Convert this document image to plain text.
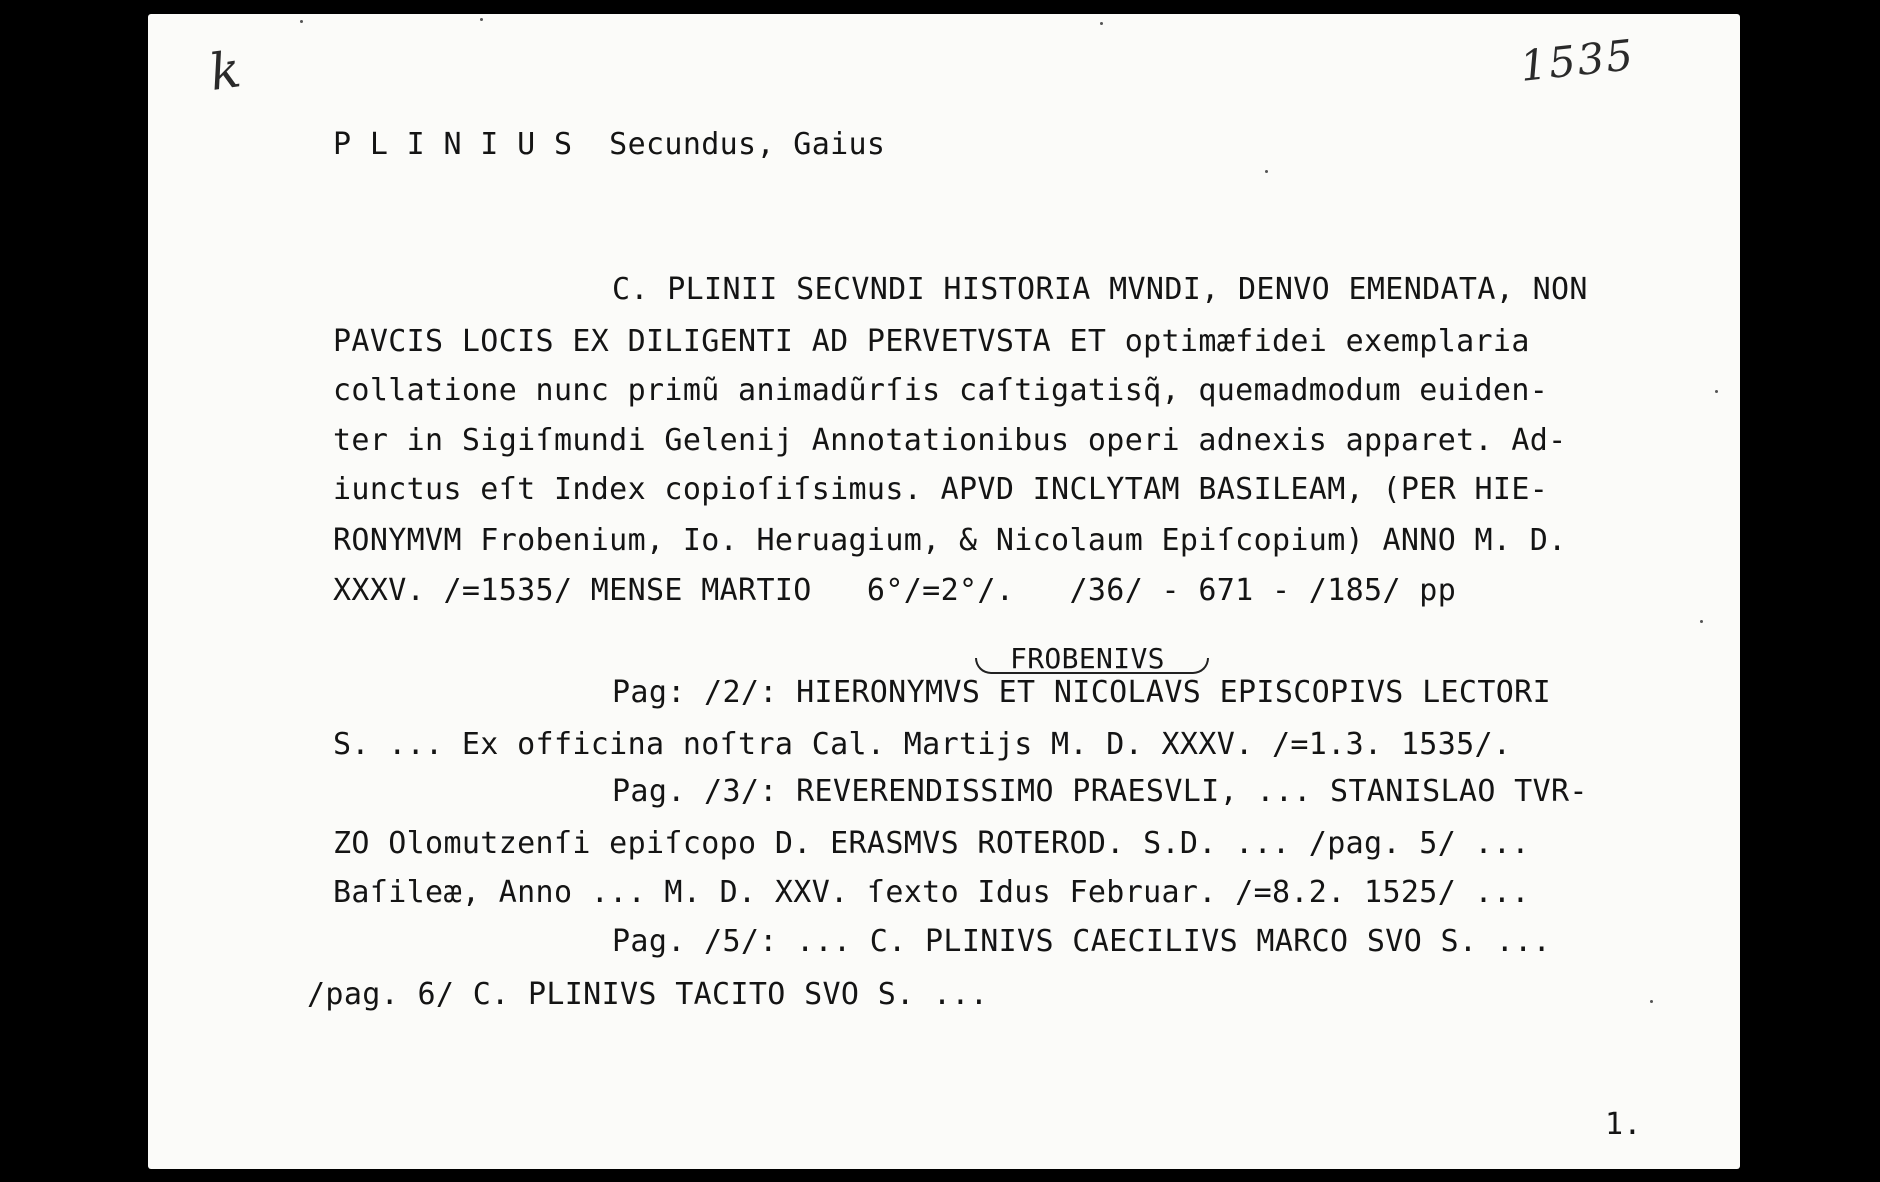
k	1535
P L I N I U S  Secundus, Gaius
C. PLINII SECVNDI HISTORIA MVNDI, DENVO EMENDATA, NON
PAVCIS LOCIS EX DILIGENTI AD PERVETVSTA ET optimæfidei exemplaria
collatione nunc primũ animadũrſis caſtigatisq̃, quemadmodum euiden-
ter in Sigiſmundi Gelenij Annotationibus operi adnexis apparet. Ad-
iunctus eſt Index copioſiſsimus. APVD INCLYTAM BASILEAM, (PER HIE-
RONYMVM Frobenium, Io. Heruagium, & Nicolaum Epiſcopium) ANNO M. D.
XXXV. /=1535/ MENSE MARTIO   6°/=2°/.   /36/ - 671 - /185/ pp
FROBENIVS
Pag: /2/: HIERONYMVS ET NICOLAVS EPISCOPIVS LECTORI
S. ... Ex officina noſtra Cal. Martijs M. D. XXXV. /=1.3. 1535/.
Pag. /3/: REVERENDISSIMO PRAESVLI, ... STANISLAO TVR-
ZO Olomutzenſi epiſcopo D. ERASMVS ROTEROD. S.D. ... /pag. 5/ ...
Baſileæ, Anno ... M. D. XXV. ſexto Idus Februar. /=8.2. 1525/ ...
Pag. /5/: ... C. PLINIVS CAECILIVS MARCO SVO S. ...
/pag. 6/ C. PLINIVS TACITO SVO S. ...
1.
